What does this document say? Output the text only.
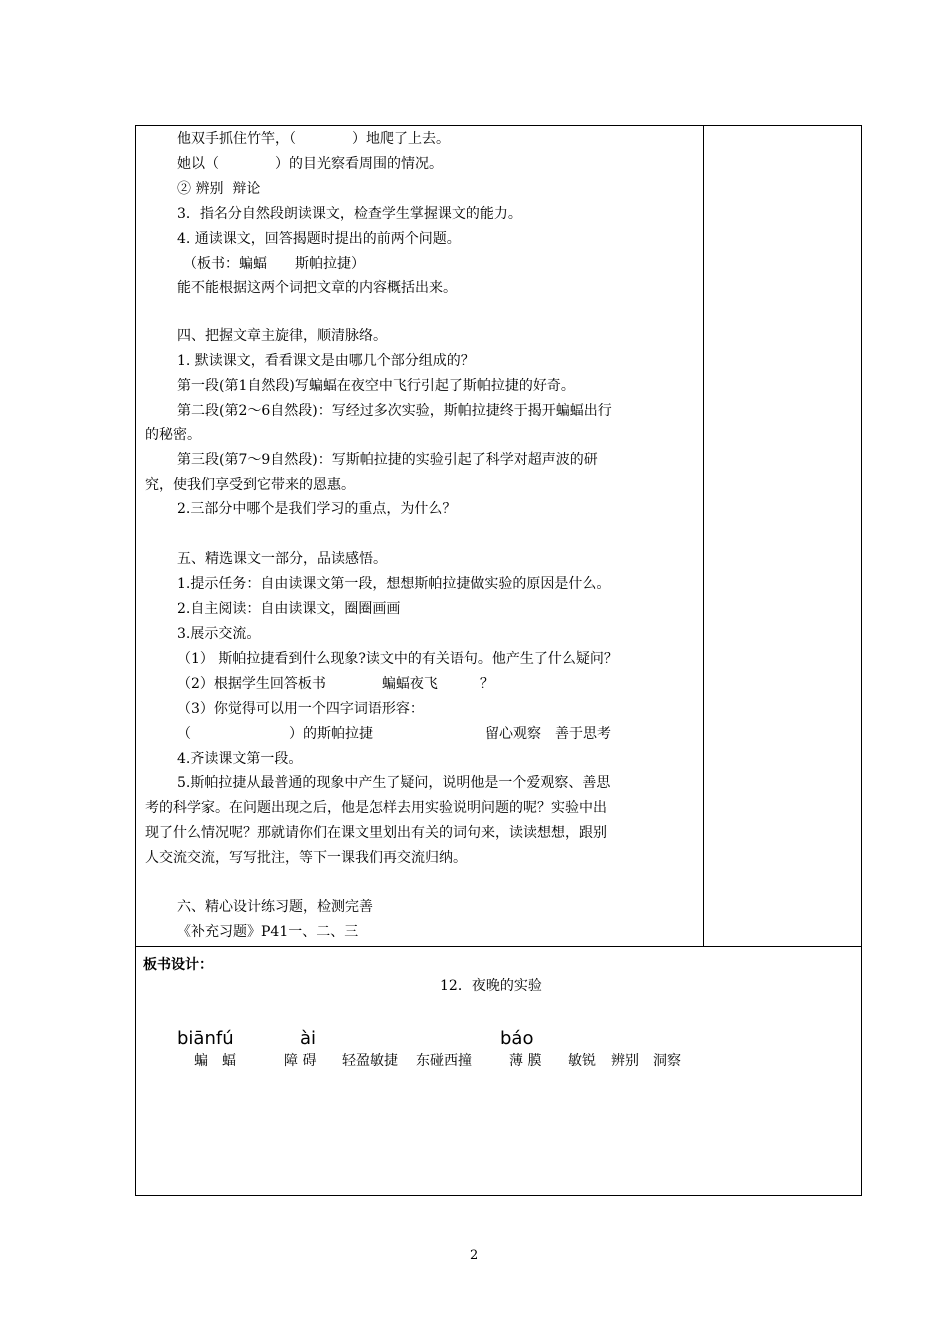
他双手抓住竹竿，（　　　　）地爬了上去。
她以（　　　　）的目光察看周围的情况。
② 辨别  辩论
3．指名分自然段朗读课文，检查学生掌握课文的能力。
4. 通读课文，回答揭题时提出的前两个问题。
（板书：蝙蝠　　斯帕拉捷）
能不能根据这两个词把文章的内容概括出来。
四、把握文章主旋律，顺清脉络。
1. 默读课文，看看课文是由哪几个部分组成的？
第一段(第1自然段)写蝙蝠在夜空中飞行引起了斯帕拉捷的好奇。
第二段(第2～6自然段)：写经过多次实验，斯帕拉捷终于揭开蝙蝠出行
的秘密。
第三段(第7～9自然段)：写斯帕拉捷的实验引起了科学对超声波的研
究，使我们享受到它带来的恩惠。
2.三部分中哪个是我们学习的重点，为什么？
五、精选课文一部分，品读感悟。
1.提示任务：自由读课文第一段，想想斯帕拉捷做实验的原因是什么。
2.自主阅读：自由读课文，圈圈画画
3.展示交流。
（1） 斯帕拉捷看到什么现象?读文中的有关语句。他产生了什么疑问？
（2）根据学生回答板书　　　　蝙蝠夜飞　　　？
（3）你觉得可以用一个四字词语形容：
（　　　　　　　）的斯帕拉捷　　　　　　　　留心观察　善于思考
4.齐读课文第一段。
5.斯帕拉捷从最普通的现象中产生了疑问，说明他是一个爱观察、善思
考的科学家。在问题出现之后，他是怎样去用实验说明问题的呢？实验中出
现了什么情况呢？那就请你们在课文里划出有关的词句来，读读想想，跟别
人交流交流，写写批注，等下一课我们再交流归纳。
六、精心设计练习题，检测完善
《补充习题》P41一、二、三
板书设计：
12．夜晚的实验
biānfú	ài	báo
蝙　蝠	障 碍 轻盈敏捷 东碰西撞	薄 膜 敏锐 辨别 洞察
2
